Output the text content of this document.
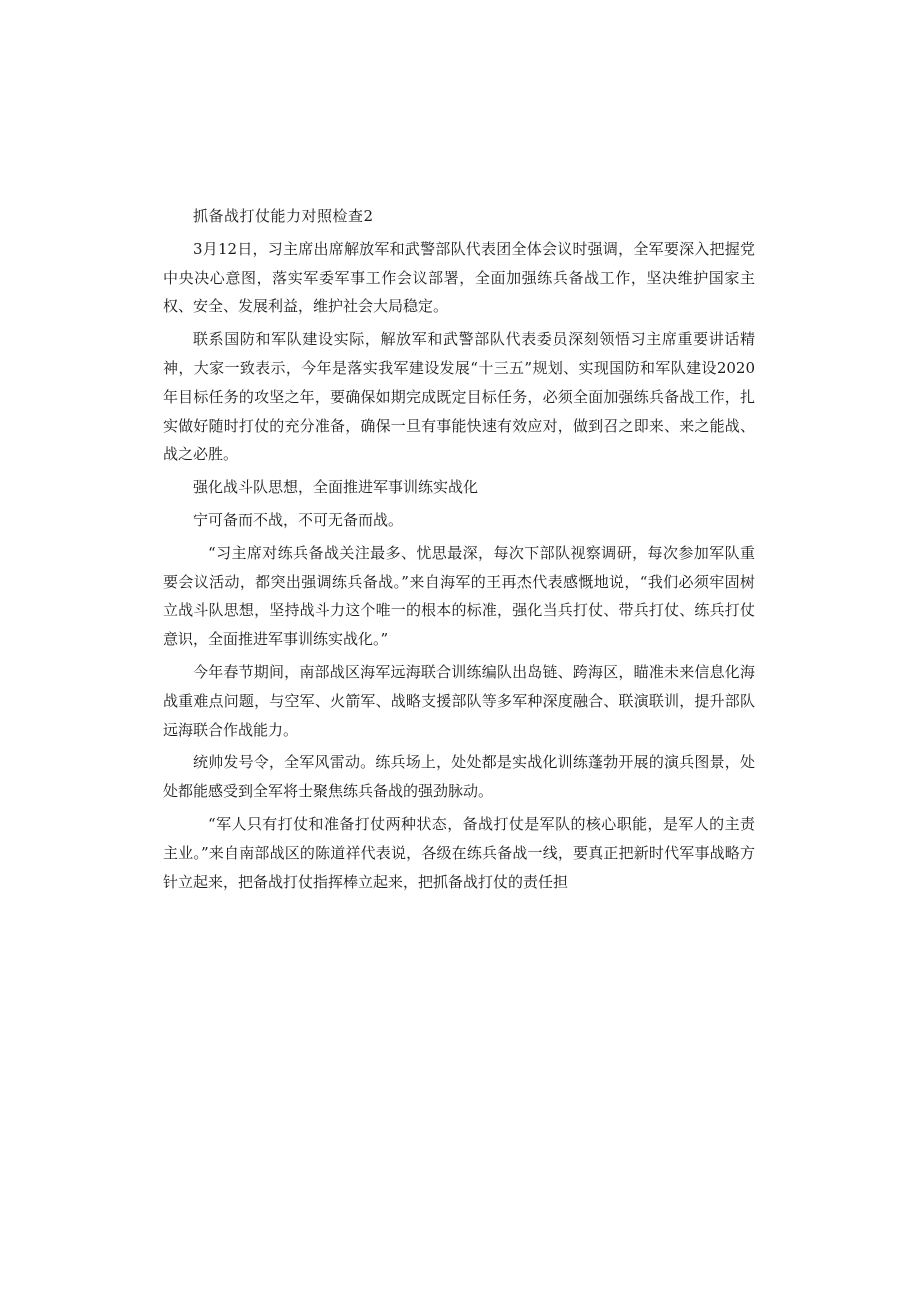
抓备战打仗能力对照检查2

3月12日，习主席出席解放军和武警部队代表团全体会议时强调，全军要深入把握党中央决心意图，落实军委军事工作会议部署，全面加强练兵备战工作，坚决维护国家主权、安全、发展利益，维护社会大局稳定。

联系国防和军队建设实际，解放军和武警部队代表委员深刻领悟习主席重要讲话精神，大家一致表示，今年是落实我军建设发展“十三五”规划、实现国防和军队建设2020年目标任务的攻坚之年，要确保如期完成既定目标任务，必须全面加强练兵备战工作，扎实做好随时打仗的充分准备，确保一旦有事能快速有效应对，做到召之即来、来之能战、战之必胜。

强化战斗队思想，全面推进军事训练实战化

宁可备而不战，不可无备而战。

“习主席对练兵备战关注最多、忧思最深，每次下部队视察调研，每次参加军队重要会议活动，都突出强调练兵备战。”来自海军的王再杰代表感慨地说，“我们必须牢固树立战斗队思想，坚持战斗力这个唯一的根本的标准，强化当兵打仗、带兵打仗、练兵打仗意识，全面推进军事训练实战化。”

今年春节期间，南部战区海军远海联合训练编队出岛链、跨海区，瞄准未来信息化海战重难点问题，与空军、火箭军、战略支援部队等多军种深度融合、联演联训，提升部队远海联合作战能力。

统帅发号令，全军风雷动。练兵场上，处处都是实战化训练蓬勃开展的演兵图景，处处都能感受到全军将士聚焦练兵备战的强劲脉动。

“军人只有打仗和准备打仗两种状态，备战打仗是军队的核心职能，是军人的主责主业。”来自南部战区的陈道祥代表说，各级在练兵备战一线，要真正把新时代军事战略方针立起来，把备战打仗指挥棒立起来，把抓备战打仗的责任担
